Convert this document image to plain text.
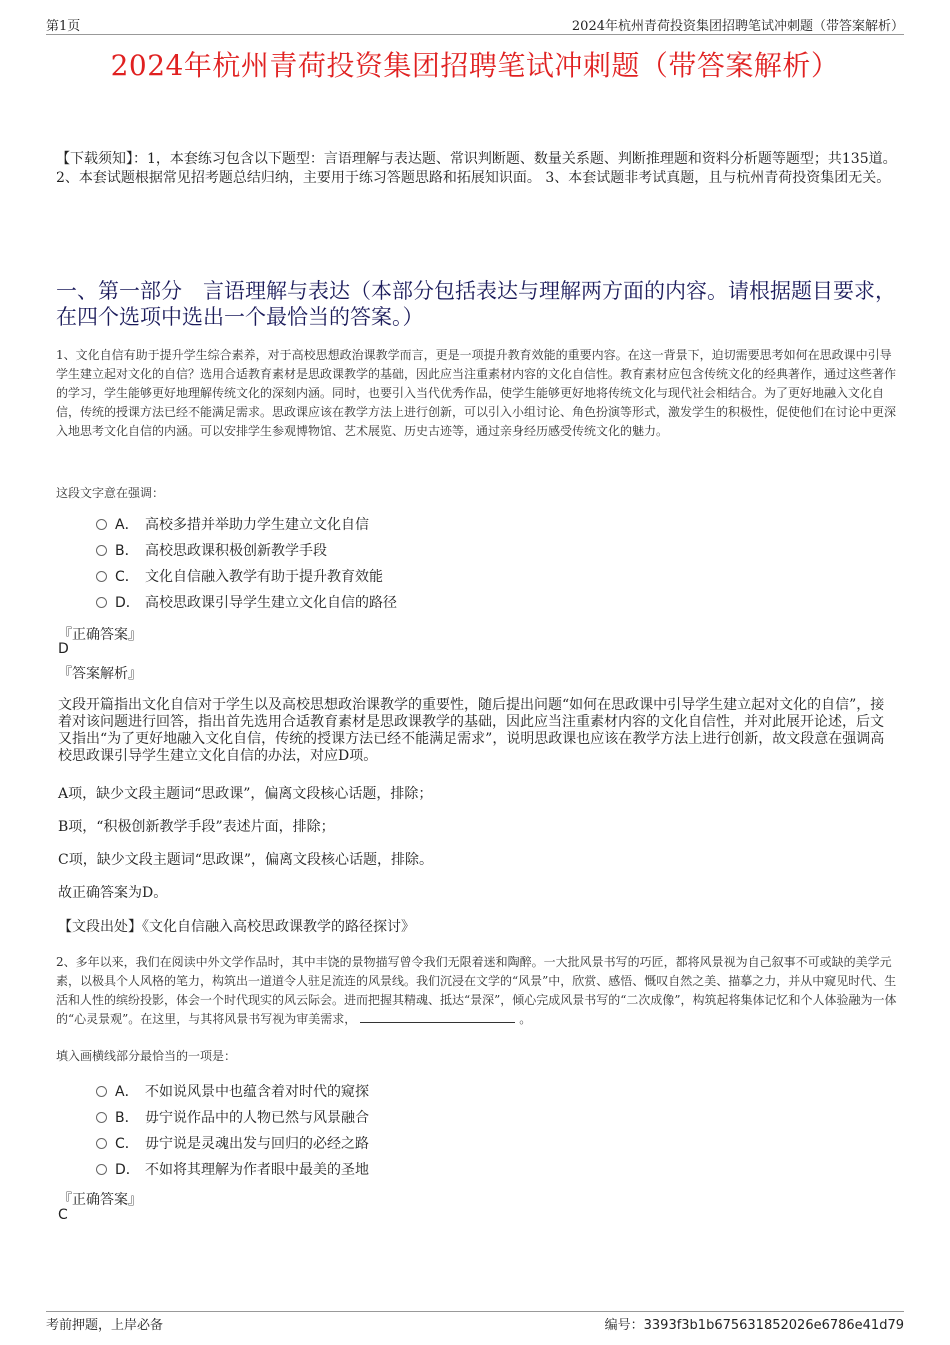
第1页	2024年杭州青荷投资集团招聘笔试冲刺题（带答案解析）
2024年杭州青荷投资集团招聘笔试冲刺题（带答案解析）
【下载须知】：1，本套练习包含以下题型：言语理解与表达题、常识判断题、数量关系题、判断推理题和资料分析题等题型；共135道。 2、本套试题根据常见招考题总结归纳，主要用于练习答题思路和拓展知识面。 3、本套试题非考试真题，且与杭州青荷投资集团无关。
一、第一部分　言语理解与表达（本部分包括表达与理解两方面的内容。请根据题目要求，在四个选项中选出一个最恰当的答案。）
1、文化自信有助于提升学生综合素养，对于高校思想政治课教学而言，更是一项提升教育效能的重要内容。在这一背景下，迫切需要思考如何在思政课中引导学生建立起对文化的自信？选用合适教育素材是思政课教学的基础，因此应当注重素材内容的文化自信性。教育素材应包含传统文化的经典著作，通过这些著作的学习，学生能够更好地理解传统文化的深刻内涵。同时，也要引入当代优秀作品，使学生能够更好地将传统文化与现代社会相结合。为了更好地融入文化自信，传统的授课方法已经不能满足需求。思政课应该在教学方法上进行创新，可以引入小组讨论、角色扮演等形式，激发学生的积极性，促使他们在讨论中更深入地思考文化自信的内涵。可以安排学生参观博物馆、艺术展览、历史古迹等，通过亲身经历感受传统文化的魅力。
这段文字意在强调：
A． 高校多措并举助力学生建立文化自信
B． 高校思政课积极创新教学手段
C． 文化自信融入教学有助于提升教育效能
D． 高校思政课引导学生建立文化自信的路径
『正确答案』
D
『答案解析』
文段开篇指出文化自信对于学生以及高校思想政治课教学的重要性，随后提出问题“如何在思政课中引导学生建立起对文化的自信”，接着对该问题进行回答，指出首先选用合适教育素材是思政课教学的基础，因此应当注重素材内容的文化自信性，并对此展开论述，后文又指出“为了更好地融入文化自信，传统的授课方法已经不能满足需求”，说明思政课也应该在教学方法上进行创新，故文段意在强调高校思政课引导学生建立文化自信的办法，对应D项。
A项，缺少文段主题词“思政课”，偏离文段核心话题，排除；
B项，“积极创新教学手段”表述片面，排除；
C项，缺少文段主题词“思政课”，偏离文段核心话题，排除。
故正确答案为D。
【文段出处】《文化自信融入高校思政课教学的路径探讨》
2、多年以来，我们在阅读中外文学作品时，其中丰饶的景物描写曾令我们无限着迷和陶醉。一大批风景书写的巧匠，都将风景视为自己叙事不可或缺的美学元素，以极具个人风格的笔力，构筑出一道道令人驻足流连的风景线。我们沉浸在文学的“风景”中，欣赏、感悟、慨叹自然之美、描摹之力，并从中窥见时代、生活和人性的缤纷投影，体会一个时代现实的风云际会。进而把握其精魂、抵达“景深”，倾心完成风景书写的“二次成像”，构筑起将集体记忆和个人体验融为一体的“心灵景观”。在这里，与其将风景书写视为审美需求，	。
填入画横线部分最恰当的一项是：
A． 不如说风景中也蕴含着对时代的窥探
B． 毋宁说作品中的人物已然与风景融合
C． 毋宁说是灵魂出发与回归的必经之路
D． 不如将其理解为作者眼中最美的圣地
『正确答案』
C
考前押题，上岸必备	编号：3393f3b1b675631852026e6786e41d79
